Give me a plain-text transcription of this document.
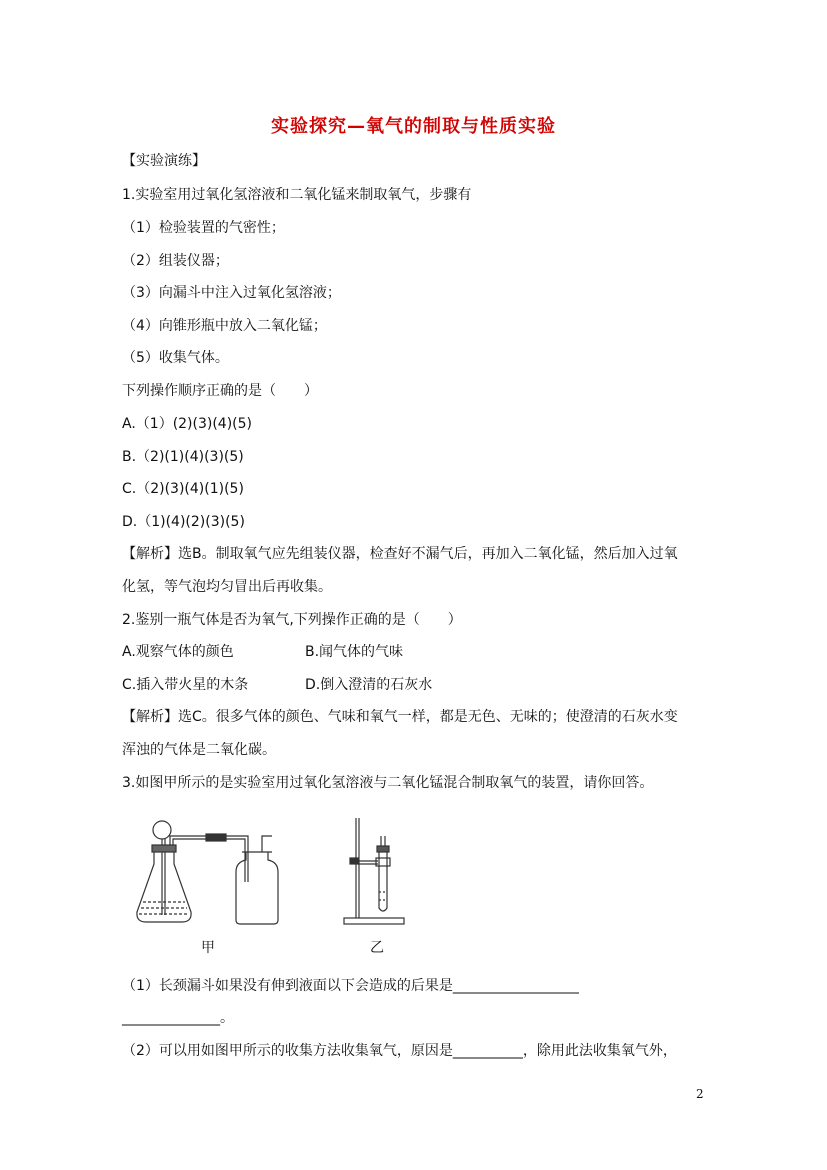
实验探究—氧气的制取与性质实验
【实验演练】
1.实验室用过氧化氢溶液和二氧化锰来制取氧气，步骤有
（1）检验装置的气密性；
（2）组装仪器；
（3）向漏斗中注入过氧化氢溶液；
（4）向锥形瓶中放入二氧化锰；
（5）收集气体。
下列操作顺序正确的是（　　）
A.（1）(2)(3)(4)(5)
B.（2)(1)(4)(3)(5)
C.（2)(3)(4)(1)(5)
D.（1)(4)(2)(3)(5)
【解析】选B。制取氧气应先组装仪器，检查好不漏气后，再加入二氧化锰，然后加入过氧
化氢，等气泡均匀冒出后再收集。
2.鉴别一瓶气体是否为氧气,下列操作正确的是（　　）
A.观察气体的颜色	B.闻气体的气味
C.插入带火星的木条	D.倒入澄清的石灰水
【解析】选C。很多气体的颜色、气味和氧气一样，都是无色、无味的；使澄清的石灰水变
浑浊的气体是二氧化碳。
3.如图甲所示的是实验室用过氧化氢溶液与二氧化锰混合制取氧气的装置，请你回答。
甲	乙
（1）长颈漏斗如果没有伸到液面以下会造成的后果是__________________
______________。
（2）可以用如图甲所示的收集方法收集氧气，原因是__________，除用此法收集氧气外，
2
